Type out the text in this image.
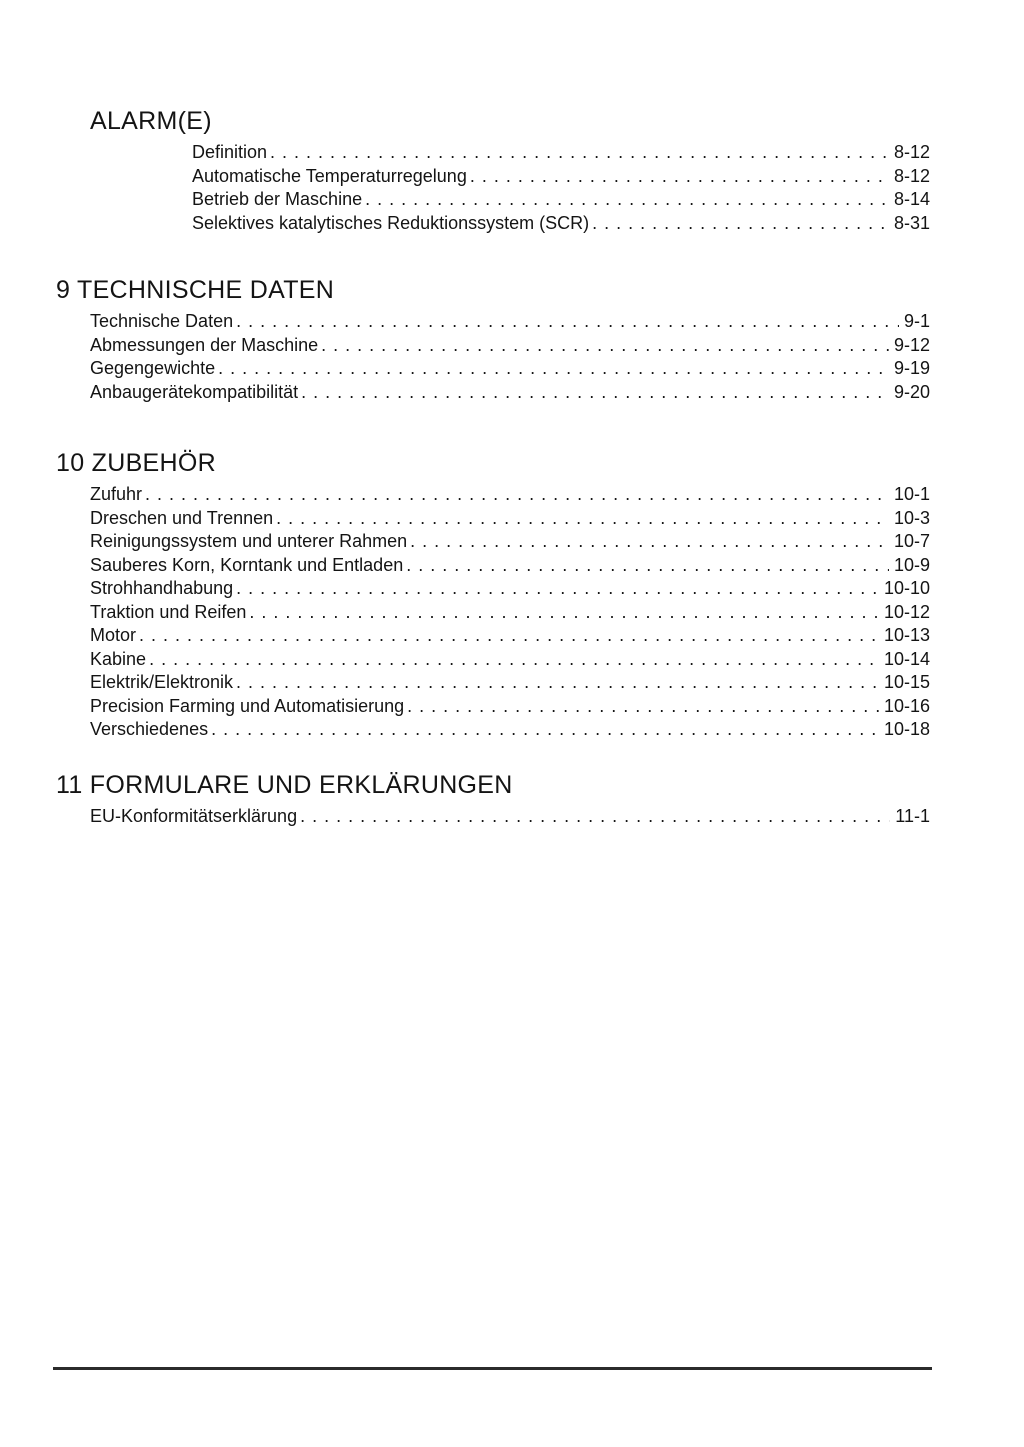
ALARM(E)
Definition . . .	8-12
Automatische Temperaturregelung . . .	8-12
Betrieb der Maschine . . .	8-14
Selektives katalytisches Reduktionssystem (SCR) . . .	8-31
9 TECHNISCHE DATEN
Technische Daten . . .	9-1
Abmessungen der Maschine . . .	9-12
Gegengewichte . . .	9-19
Anbaugerätekompatibilität . . .	9-20
10 ZUBEHÖR
Zufuhr . . .	10-1
Dreschen und Trennen . . .	10-3
Reinigungssystem und unterer Rahmen . . .	10-7
Sauberes Korn, Korntank und Entladen . . .	10-9
Strohhandhabung . . .	10-10
Traktion und Reifen . . .	10-12
Motor . . .	10-13
Kabine . . .	10-14
Elektrik/Elektronik . . .	10-15
Precision Farming und Automatisierung . . .	10-16
Verschiedenes . . .	10-18
11 FORMULARE UND ERKLÄRUNGEN
EU-Konformitätserklärung . . .	11-1
